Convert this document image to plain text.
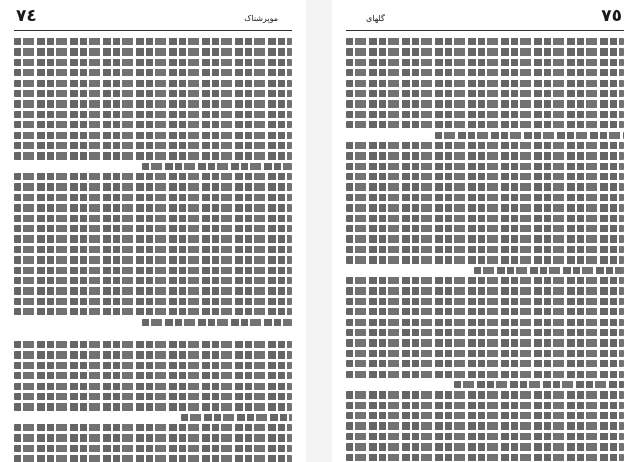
٧٤	موپرشناک	٧٥
گلهای
